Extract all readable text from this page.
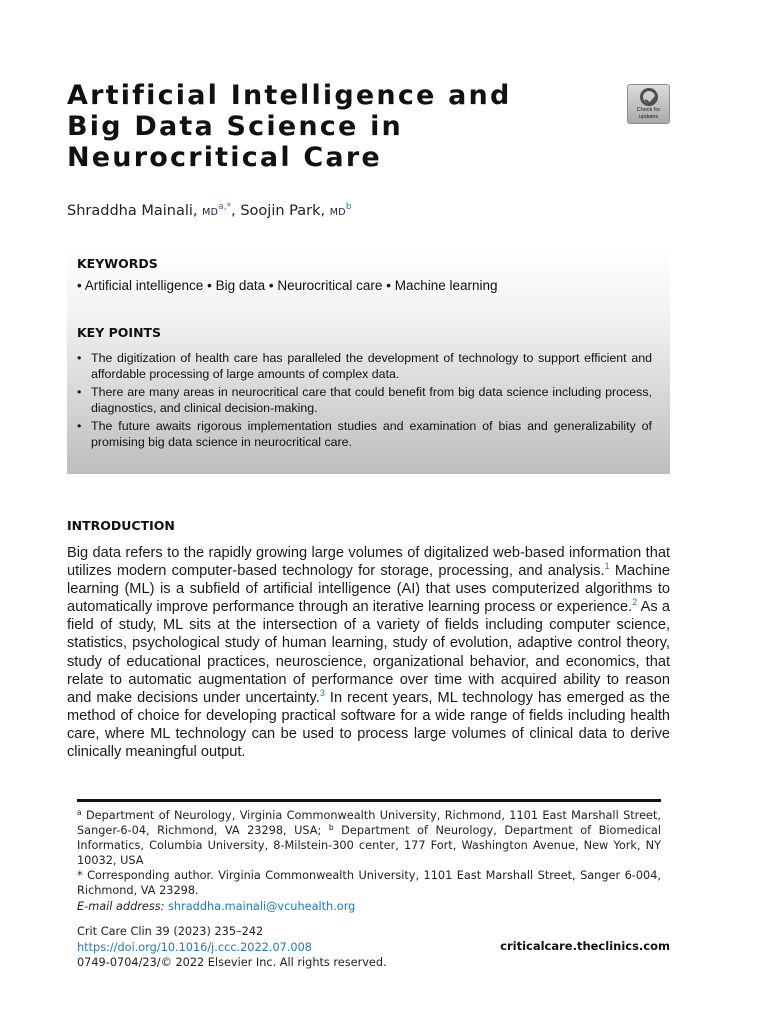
Artificial Intelligence and
Big Data Science in
Neurocritical Care
Check for
updates
Shraddha Mainali, $MD^{a,*}$, Soojin Park, $MD^b$
KEYWORDS
• Artificial intelligence • Big data • Neurocritical care • Machine learning
KEY POINTS
• The digitization of health care has paralleled the development of technology to support efficient and affordable processing of large amounts of complex data.
• There are many areas in neurocritical care that could benefit from big data science including process, diagnostics, and clinical decision-making.
• The future awaits rigorous implementation studies and examination of bias and generalizability of promising big data science in neurocritical care.
INTRODUCTION

Big data refers to the rapidly growing large volumes of digitalized web-based information that utilizes modern computer-based technology for storage, processing, and analysis.$^1$ Machine learning (ML) is a subfield of artificial intelligence (AI) that uses computerized algorithms to automatically improve performance through an iterative learning process or experience.$^2$ As a field of study, ML sits at the intersection of a variety of fields including computer science, statistics, psychological study of human learning, study of evolution, adaptive control theory, study of educational practices, neuroscience, organizational behavior, and economics, that relate to automatic augmentation of performance over time with acquired ability to reason and make decisions under uncertainty.$^3$ In recent years, ML technology has emerged as the method of choice for developing practical software for a wide range of fields including health care, where ML technology can be used to process large volumes of clinical data to derive clinically meaningful output.

$^a$ Department of Neurology, Virginia Commonwealth University, Richmond, 1101 East Marshall Street, Sanger-6-04, Richmond, VA 23298, USA; $^b$ Department of Neurology, Department of Biomedical Informatics, Columbia University, 8-Milstein-300 center, 177 Fort, Washington Avenue, New York, NY 10032, USA

* Corresponding author. Virginia Commonwealth University, 1101 East Marshall Street, Sanger 6-004, Richmond, VA 23298.

E-mail address: shraddha.mainali@vcuhealth.org

Crit Care Clin 39 (2023) 235–242
https://doi.org/10.1016/j.ccc.2022.07.008
0749-0704/23/© 2022 Elsevier Inc. All rights reserved.
criticalcare.theclinics.com
